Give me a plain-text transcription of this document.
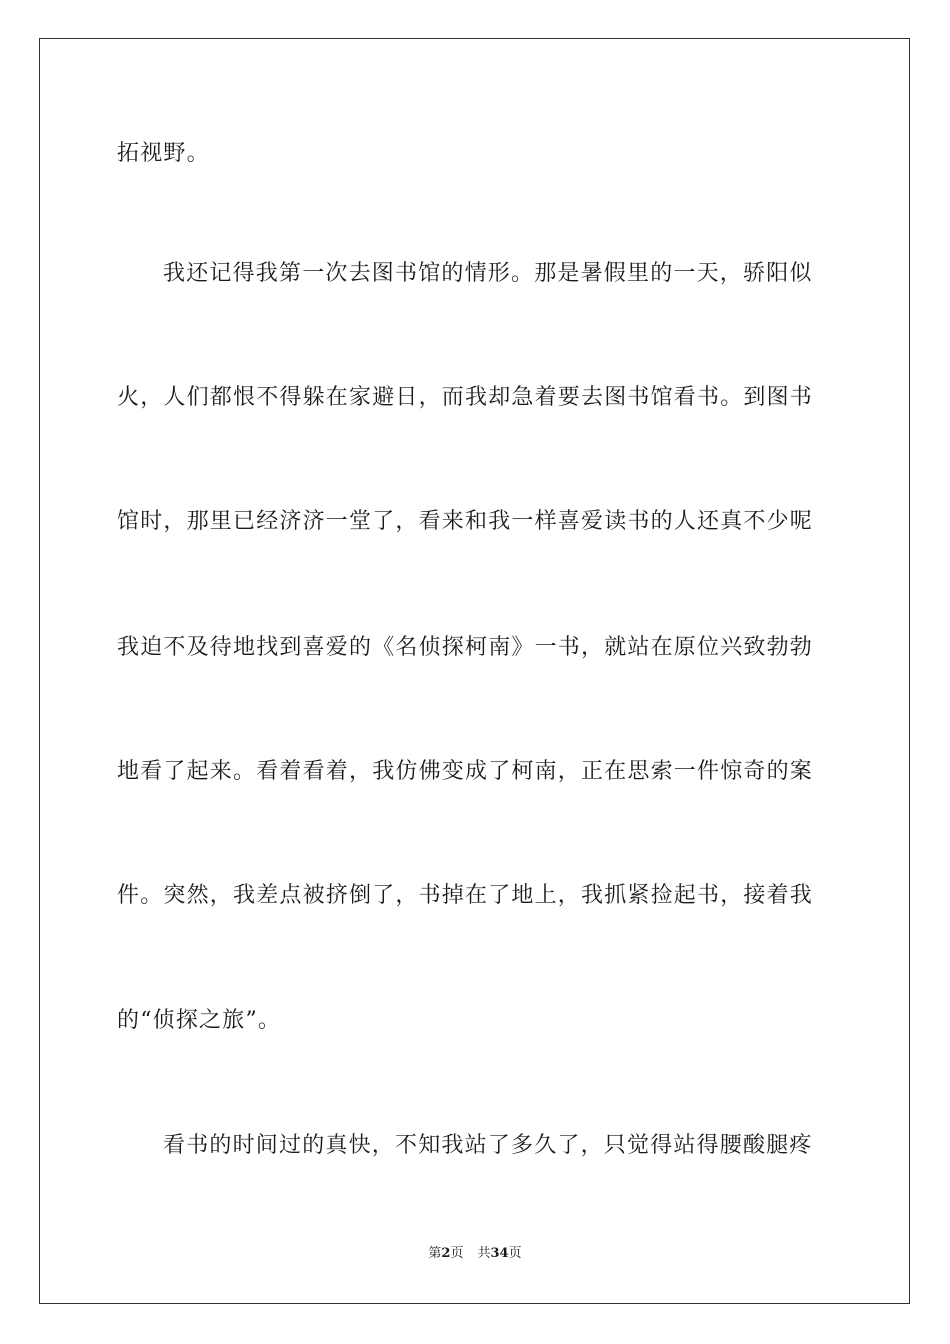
拓视野。
我还记得我第一次去图书馆的情形。那是暑假里的一天，骄阳似
火，人们都恨不得躲在家避日，而我却急着要去图书馆看书。到图书
馆时，那里已经济济一堂了，看来和我一样喜爱读书的人还真不少呢
我迫不及待地找到喜爱的《名侦探柯南》一书，就站在原位兴致勃勃
地看了起来。看着看着，我仿佛变成了柯南，正在思索一件惊奇的案
件。突然，我差点被挤倒了，书掉在了地上，我抓紧捡起书，接着我
的“侦探之旅”。
看书的时间过的真快，不知我站了多久了，只觉得站得腰酸腿疼
第2页 共34页
